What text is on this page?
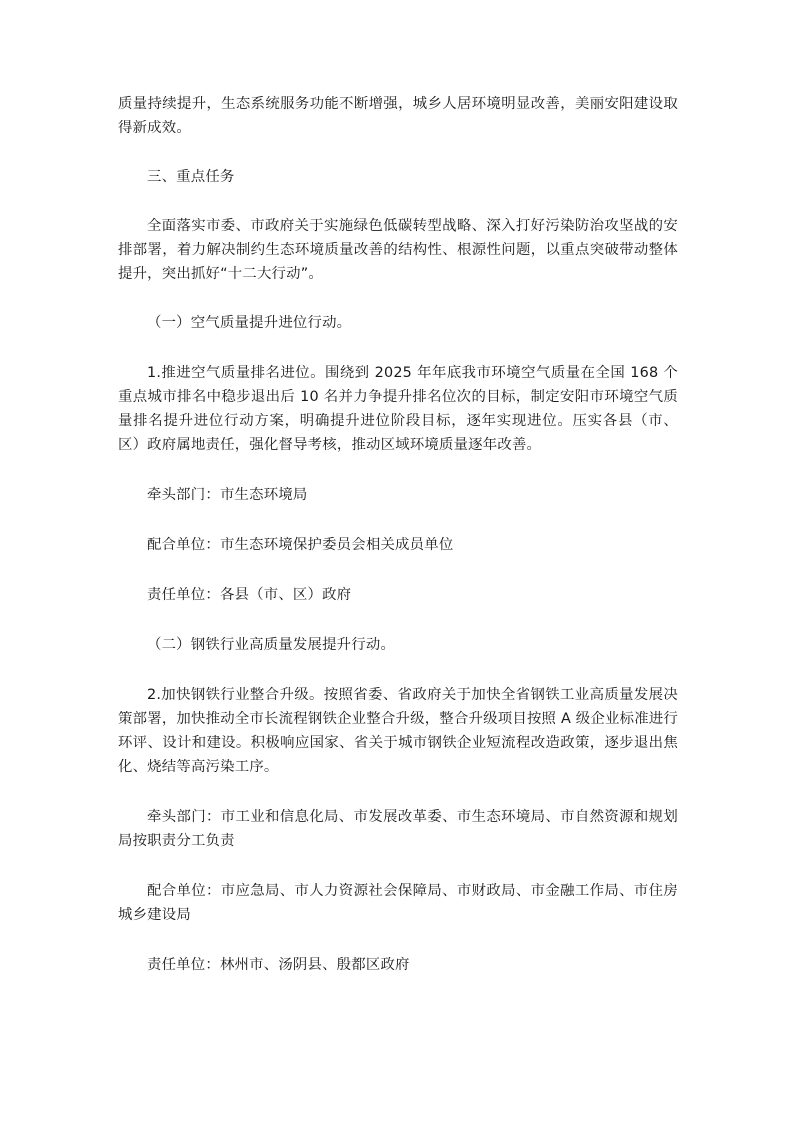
质量持续提升，生态系统服务功能不断增强，城乡人居环境明显改善，美丽安阳建设取得新成效。

三、重点任务

全面落实市委、市政府关于实施绿色低碳转型战略、深入打好污染防治攻坚战的安排部署，着力解决制约生态环境质量改善的结构性、根源性问题，以重点突破带动整体提升，突出抓好“十二大行动”。

（一）空气质量提升进位行动。

1.推进空气质量排名进位。围绕到 2025 年年底我市环境空气质量在全国 168 个重点城市排名中稳步退出后 10 名并力争提升排名位次的目标，制定安阳市环境空气质量排名提升进位行动方案，明确提升进位阶段目标，逐年实现进位。压实各县（市、区）政府属地责任，强化督导考核，推动区域环境质量逐年改善。

牵头部门：市生态环境局

配合单位：市生态环境保护委员会相关成员单位

责任单位：各县（市、区）政府

（二）钢铁行业高质量发展提升行动。

2.加快钢铁行业整合升级。按照省委、省政府关于加快全省钢铁工业高质量发展决策部署，加快推动全市长流程钢铁企业整合升级，整合升级项目按照 A 级企业标准进行环评、设计和建设。积极响应国家、省关于城市钢铁企业短流程改造政策，逐步退出焦化、烧结等高污染工序。

牵头部门：市工业和信息化局、市发展改革委、市生态环境局、市自然资源和规划局按职责分工负责

配合单位：市应急局、市人力资源社会保障局、市财政局、市金融工作局、市住房城乡建设局

责任单位：林州市、汤阴县、殷都区政府
